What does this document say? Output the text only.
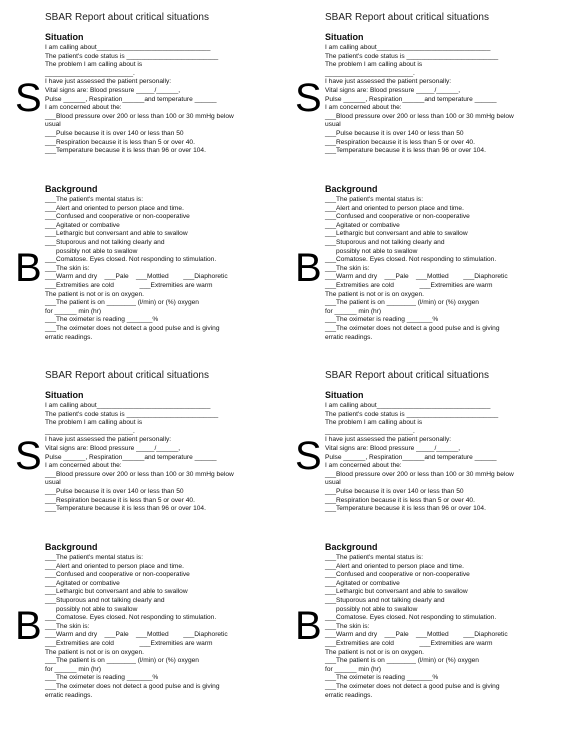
SBAR Report about critical situations
Situation
S
I am calling about_______________________________
The patient's code status is _________________________
The problem I am calling about is
________________________.
I have just assessed the patient personally:
Vital signs are: Blood pressure _____/______,
Pulse ______, Respiration______and temperature ______
I am concerned about the:
___Blood pressure over 200 or less than 100 or 30 mmHg below
usual
___Pulse because it is over 140 or less than 50
___Respiration because it is less than 5 or over 40.
___Temperature because it is less than 96 or over 104.
Background
B
___The patient's mental status is:
___Alert and oriented to person place and time.
___Confused and cooperative or non-cooperative
___Agitated or combative
___Lethargic but conversant and able to swallow
___Stuporous and not talking clearly and
possibly not able to swallow
___Comatose. Eyes closed. Not responding to stimulation.
___The skin is:
___Warm and dry    ___Pale    ___Mottled        ___Diaphoretic
___Extremities are cold              ___Extremities are warm
The patient is not or is on oxygen.
___The patient is on ________ (l/min) or (%) oxygen
for ______ min (hr)
___The oximeter is reading _______%
___The oximeter does not detect a good pulse and is giving
erratic readings.
SBAR Report about critical situations
Situation
S
I am calling about_______________________________
The patient's code status is _________________________
The problem I am calling about is
________________________.
I have just assessed the patient personally:
Vital signs are: Blood pressure _____/______,
Pulse ______, Respiration______and temperature ______
I am concerned about the:
___Blood pressure over 200 or less than 100 or 30 mmHg below
usual
___Pulse because it is over 140 or less than 50
___Respiration because it is less than 5 or over 40.
___Temperature because it is less than 96 or over 104.
Background
B
___The patient's mental status is:
___Alert and oriented to person place and time.
___Confused and cooperative or non-cooperative
___Agitated or combative
___Lethargic but conversant and able to swallow
___Stuporous and not talking clearly and
possibly not able to swallow
___Comatose. Eyes closed. Not responding to stimulation.
___The skin is:
___Warm and dry    ___Pale    ___Mottled        ___Diaphoretic
___Extremities are cold              ___Extremities are warm
The patient is not or is on oxygen.
___The patient is on ________ (l/min) or (%) oxygen
for ______ min (hr)
___The oximeter is reading _______%
___The oximeter does not detect a good pulse and is giving
erratic readings.
SBAR Report about critical situations
Situation
S
I am calling about_______________________________
The patient's code status is _________________________
The problem I am calling about is
________________________.
I have just assessed the patient personally:
Vital signs are: Blood pressure _____/______,
Pulse ______, Respiration______and temperature ______
I am concerned about the:
___Blood pressure over 200 or less than 100 or 30 mmHg below
usual
___Pulse because it is over 140 or less than 50
___Respiration because it is less than 5 or over 40.
___Temperature because it is less than 96 or over 104.
Background
B
___The patient's mental status is:
___Alert and oriented to person place and time.
___Confused and cooperative or non-cooperative
___Agitated or combative
___Lethargic but conversant and able to swallow
___Stuporous and not talking clearly and
possibly not able to swallow
___Comatose. Eyes closed. Not responding to stimulation.
___The skin is:
___Warm and dry    ___Pale    ___Mottled        ___Diaphoretic
___Extremities are cold              ___Extremities are warm
The patient is not or is on oxygen.
___The patient is on ________ (l/min) or (%) oxygen
for ______ min (hr)
___The oximeter is reading _______%
___The oximeter does not detect a good pulse and is giving
erratic readings.
SBAR Report about critical situations
Situation
S
I am calling about_______________________________
The patient's code status is _________________________
The problem I am calling about is
________________________.
I have just assessed the patient personally:
Vital signs are: Blood pressure _____/______,
Pulse ______, Respiration______and temperature ______
I am concerned about the:
___Blood pressure over 200 or less than 100 or 30 mmHg below
usual
___Pulse because it is over 140 or less than 50
___Respiration because it is less than 5 or over 40.
___Temperature because it is less than 96 or over 104.
Background
B
___The patient's mental status is:
___Alert and oriented to person place and time.
___Confused and cooperative or non-cooperative
___Agitated or combative
___Lethargic but conversant and able to swallow
___Stuporous and not talking clearly and
possibly not able to swallow
___Comatose. Eyes closed. Not responding to stimulation.
___The skin is:
___Warm and dry    ___Pale    ___Mottled        ___Diaphoretic
___Extremities are cold              ___Extremities are warm
The patient is not or is on oxygen.
___The patient is on ________ (l/min) or (%) oxygen
for ______ min (hr)
___The oximeter is reading _______%
___The oximeter does not detect a good pulse and is giving
erratic readings.
